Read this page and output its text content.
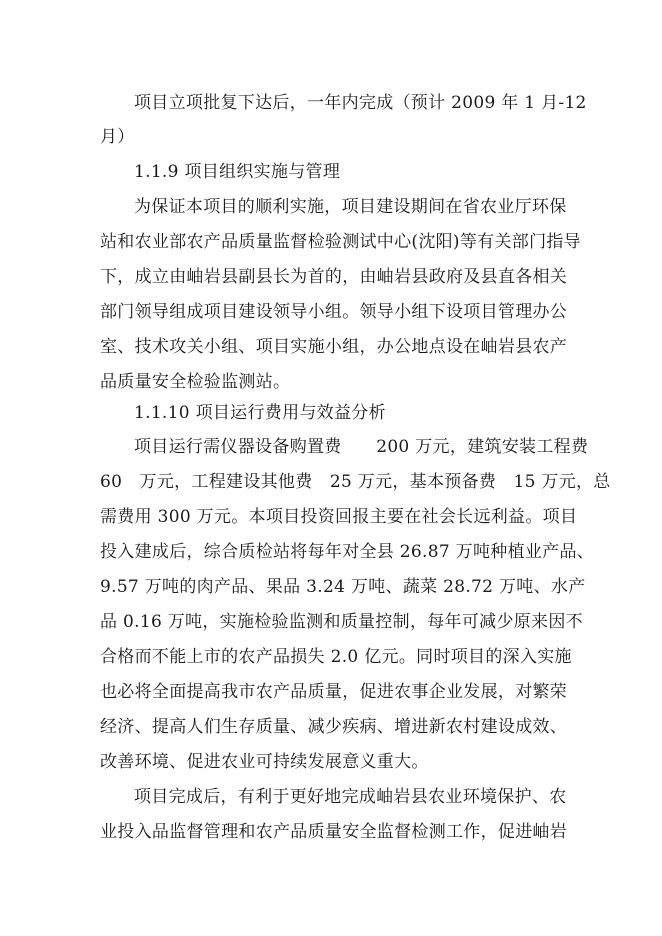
项目立项批复下达后，一年内完成（预计 2009 年 1 月-12
月）
1.1.9 项目组织实施与管理
为保证本项目的顺利实施，项目建设期间在省农业厅环保
站和农业部农产品质量监督检验测试中心(沈阳)等有关部门指导
下，成立由岫岩县副县长为首的，由岫岩县政府及县直各相关
部门领导组成项目建设领导小组。领导小组下设项目管理办公
室、技术攻关小组、项目实施小组，办公地点设在岫岩县农产
品质量安全检验监测站。
1.1.10 项目运行费用与效益分析
项目运行需仪器设备购置费　　200 万元，建筑安装工程费
60　万元，工程建设其他费　25 万元，基本预备费　15 万元，总
需费用 300 万元。本项目投资回报主要在社会长远利益。项目
投入建成后，综合质检站将每年对全县 26.87 万吨种植业产品、
9.57 万吨的肉产品、果品 3.24 万吨、蔬菜 28.72 万吨、水产
品 0.16 万吨，实施检验监测和质量控制，每年可减少原来因不
合格而不能上市的农产品损失 2.0 亿元。同时项目的深入实施
也必将全面提高我市农产品质量，促进农事企业发展，对繁荣
经济、提高人们生存质量、减少疾病、增进新农村建设成效、
改善环境、促进农业可持续发展意义重大。
项目完成后，有利于更好地完成岫岩县农业环境保护、农
业投入品监督管理和农产品质量安全监督检测工作，促进岫岩
